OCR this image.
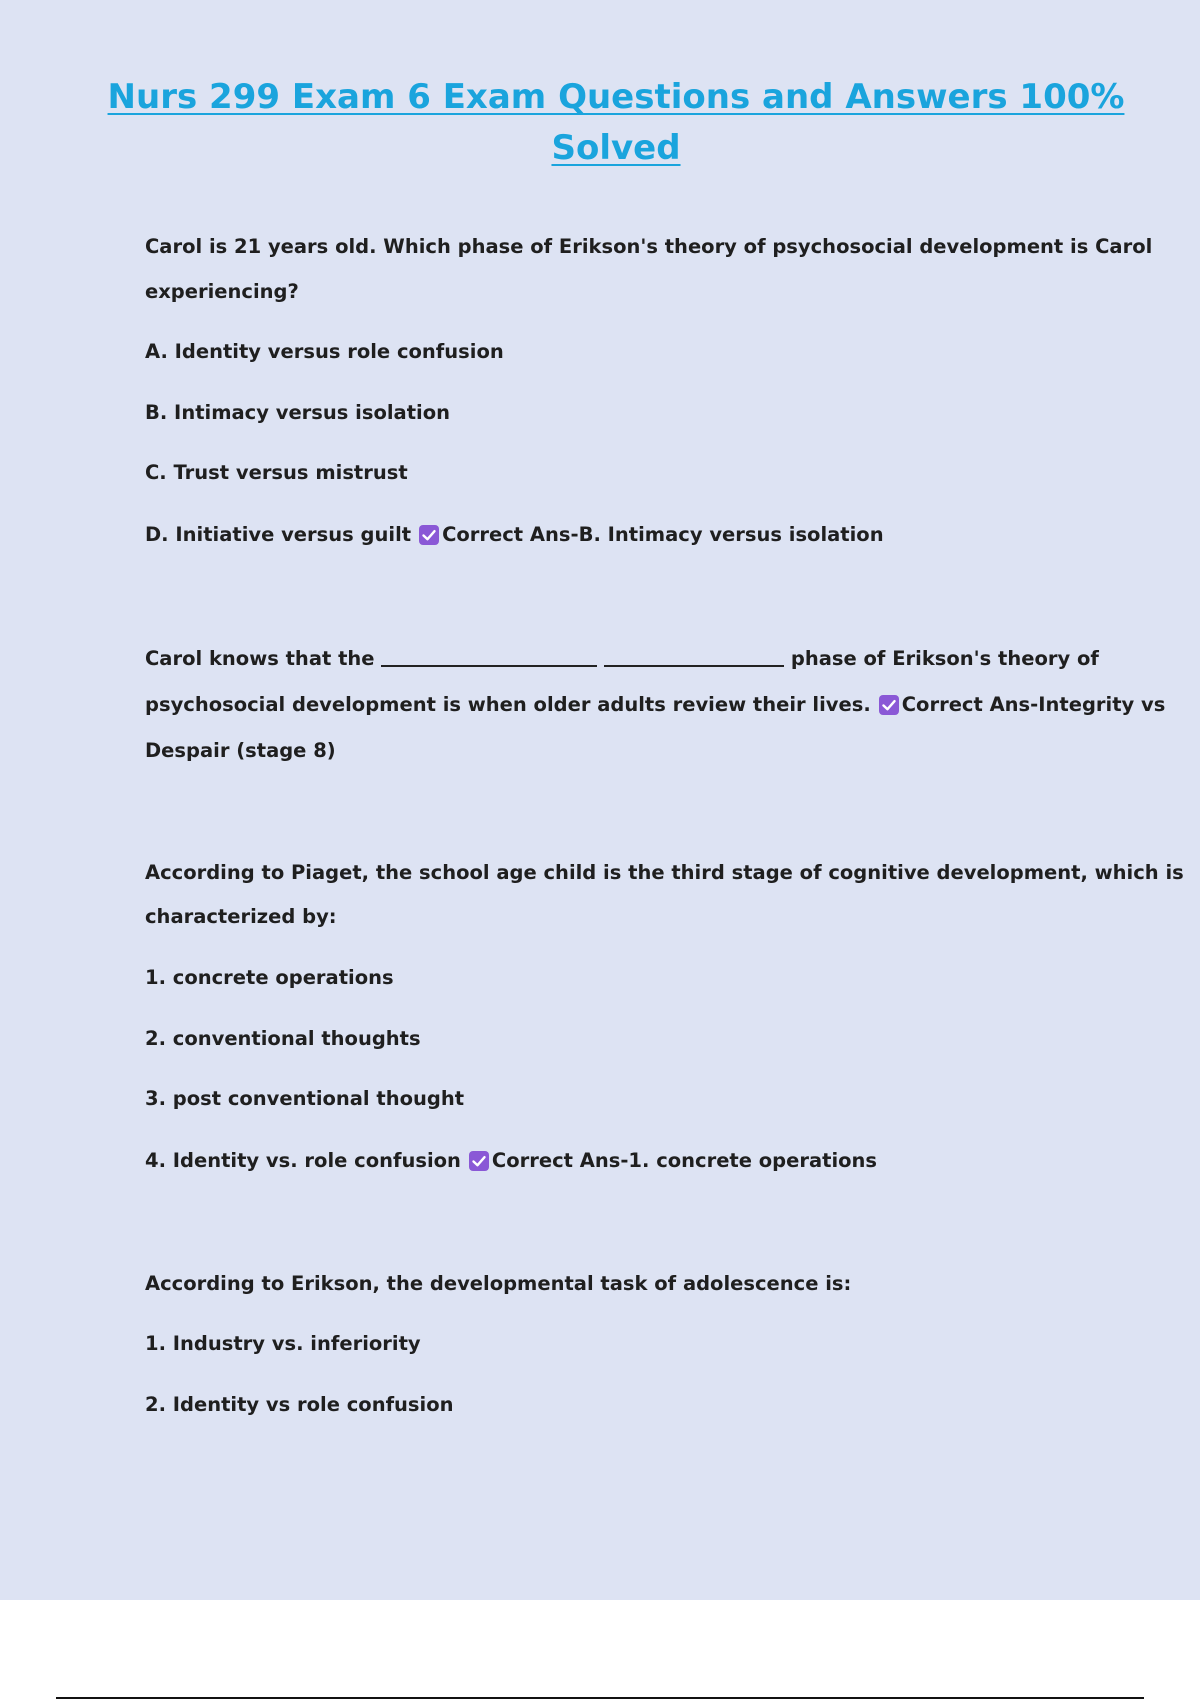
Nurs 299 Exam 6 Exam Questions and Answers 100%
Solved
Carol is 21 years old. Which phase of Erikson's theory of psychosocial development is Carol
experiencing?
A. Identity versus role confusion
B. Intimacy versus isolation
C. Trust versus mistrust
D. Initiative versus guilt Correct Ans-B. Intimacy versus isolation
Carol knows that the	phase of Erikson's theory of
psychosocial development is when older adults review their lives. Correct Ans-Integrity vs
Despair (stage 8)
According to Piaget, the school age child is the third stage of cognitive development, which is
characterized by:
1. concrete operations
2. conventional thoughts
3. post conventional thought
4. Identity vs. role confusion Correct Ans-1. concrete operations
According to Erikson, the developmental task of adolescence is:
1. Industry vs. inferiority
2. Identity vs role confusion
